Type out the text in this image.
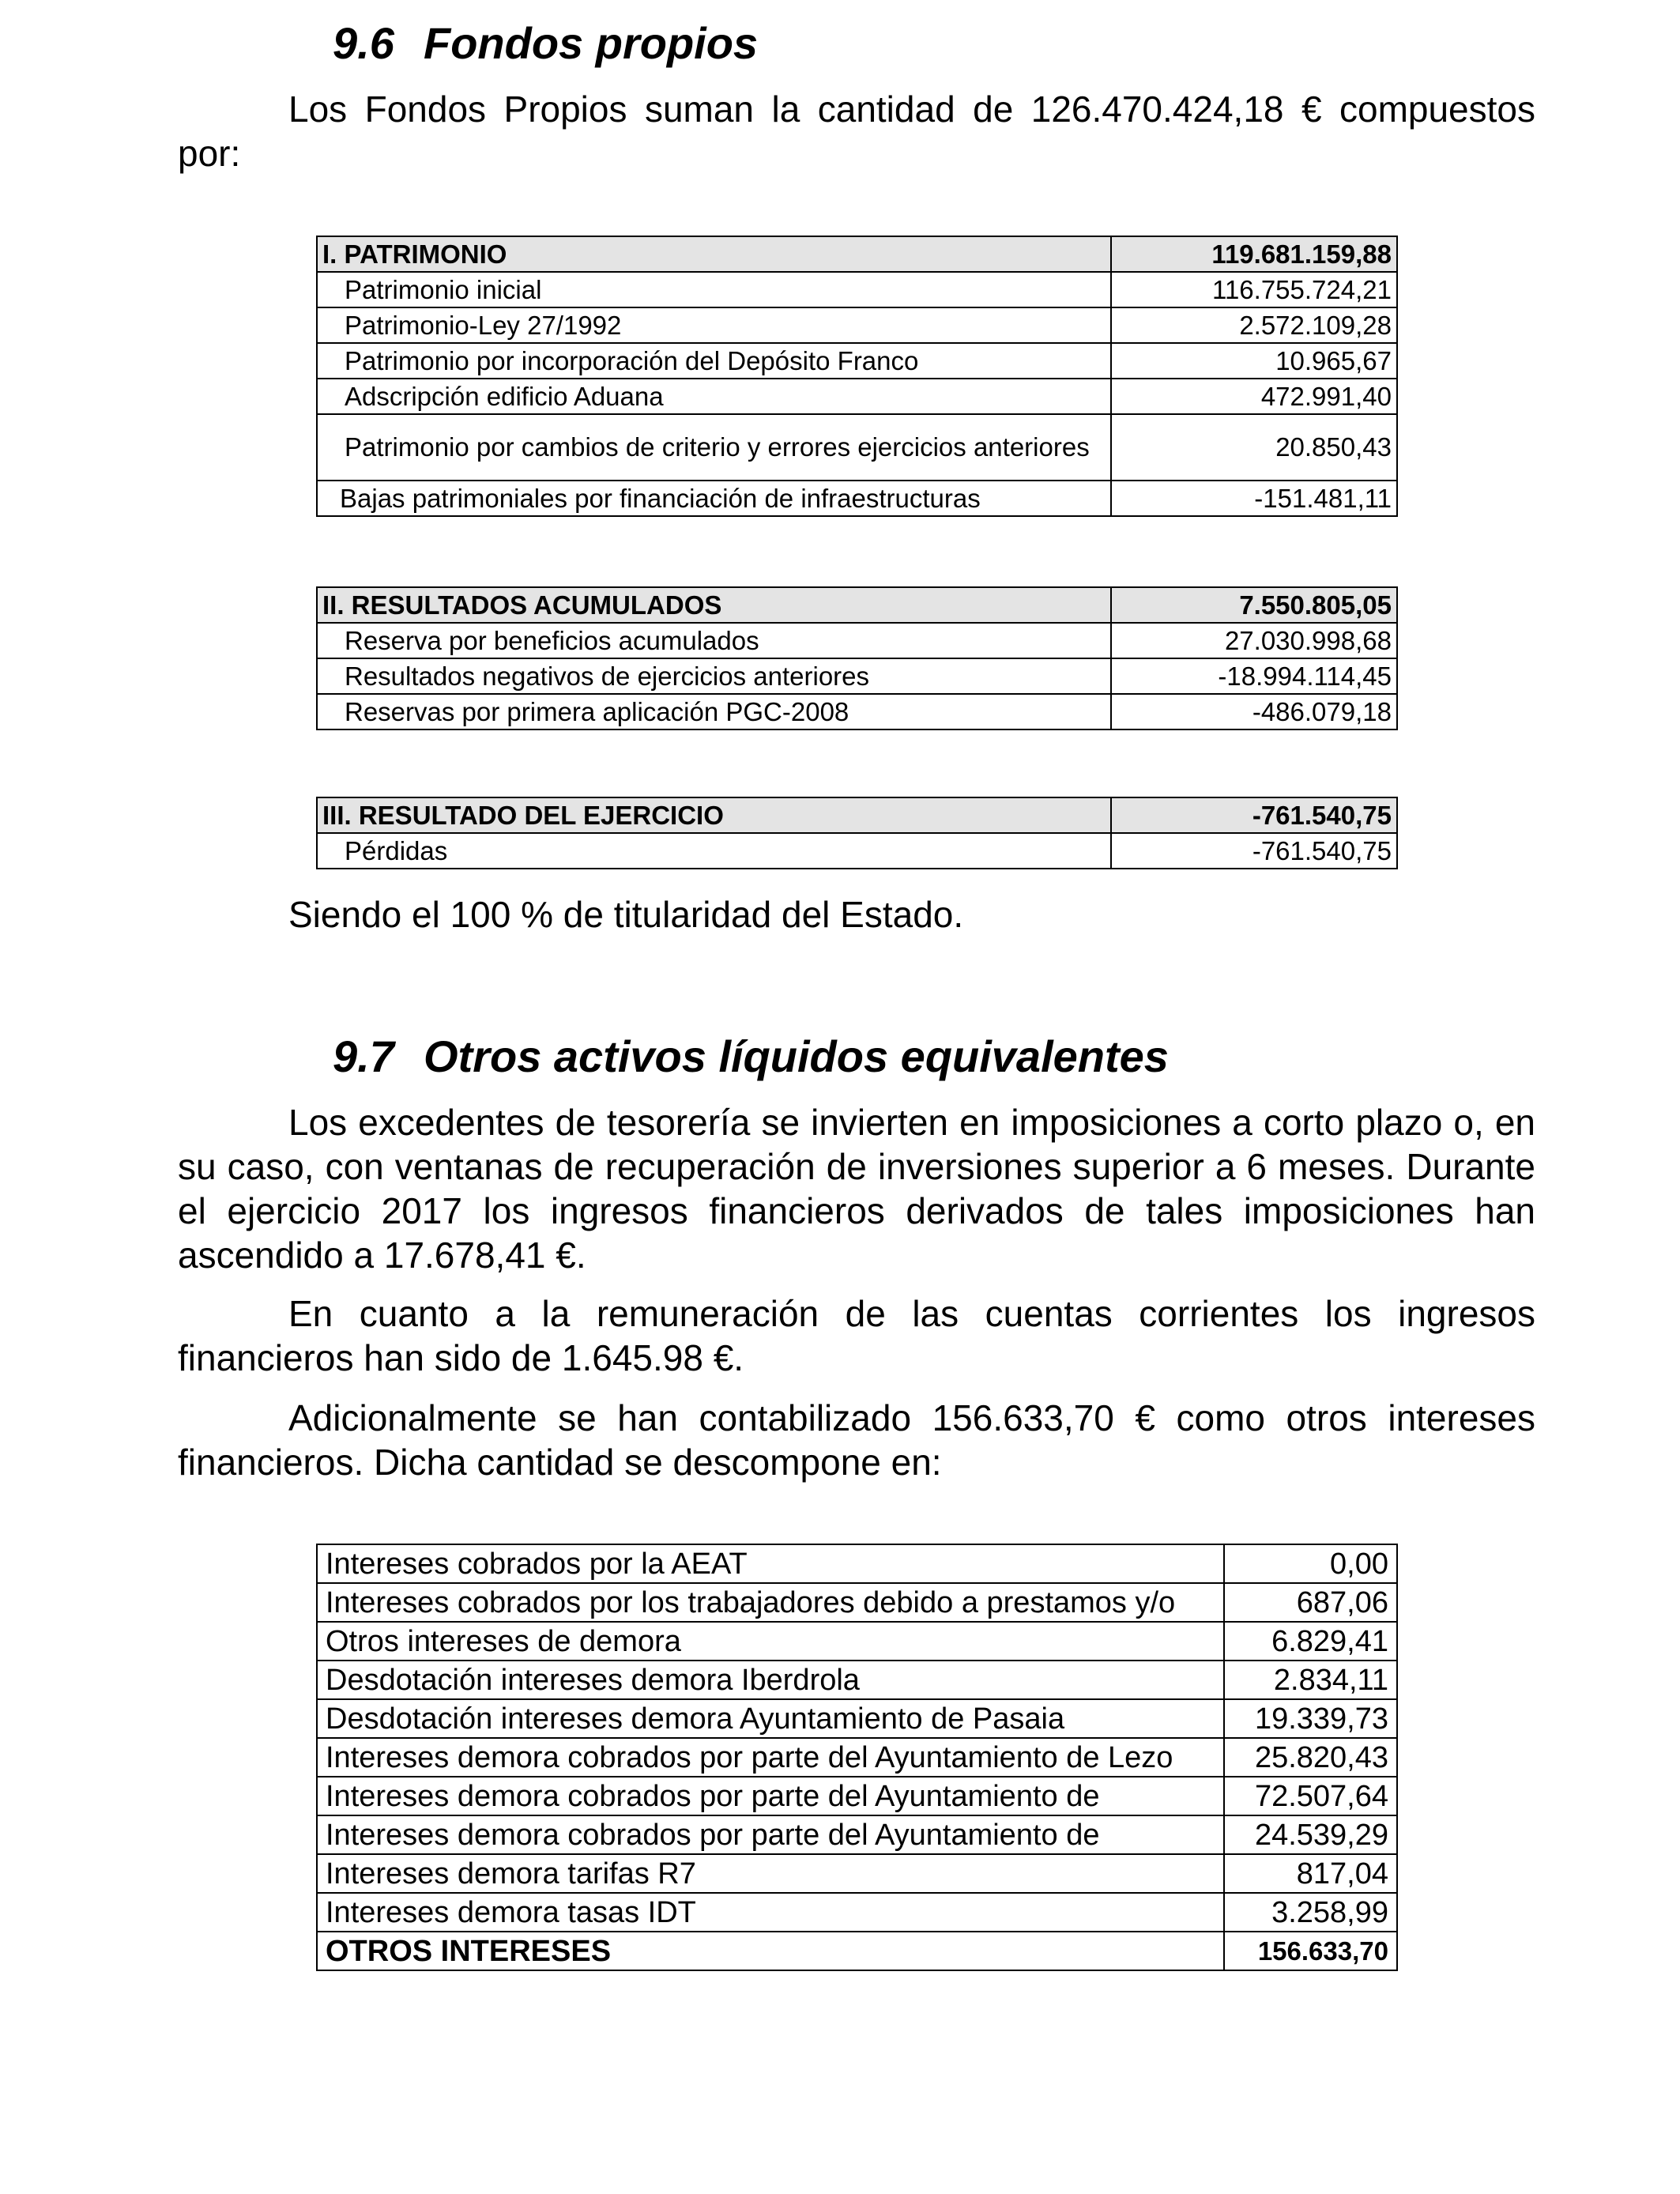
9.6 Fondos propios
Los Fondos Propios suman la cantidad de 126.470.424,18 € compuestos por:
I. PATRIMONIO	119.681.159,88
Patrimonio inicial	116.755.724,21
Patrimonio-Ley 27/1992	2.572.109,28
Patrimonio por incorporación del Depósito Franco	10.965,67
Adscripción edificio Aduana	472.991,40
Patrimonio por cambios de criterio y errores ejercicios anteriores	20.850,43
Bajas patrimoniales por financiación de infraestructuras	-151.481,11
II. RESULTADOS ACUMULADOS	7.550.805,05
Reserva por beneficios acumulados	27.030.998,68
Resultados negativos de ejercicios anteriores	-18.994.114,45
Reservas por primera aplicación PGC-2008	-486.079,18
III. RESULTADO DEL EJERCICIO	-761.540,75
Pérdidas	-761.540,75
Siendo el 100 % de titularidad del Estado.
9.7 Otros activos líquidos equivalentes
Los excedentes de tesorería se invierten en imposiciones a corto plazo o, en su caso, con ventanas de recuperación de inversiones superior a 6 meses. Durante el ejercicio 2017 los ingresos financieros derivados de tales imposiciones han ascendido a 17.678,41 €.
En cuanto a la remuneración de las cuentas corrientes los ingresos financieros han sido de 1.645.98 €.
Adicionalmente se han contabilizado 156.633,70 € como otros intereses financieros. Dicha cantidad se descompone en:
Intereses cobrados por la AEAT	0,00
Intereses cobrados por los trabajadores debido a prestamos y/o	687,06
Otros intereses de demora	6.829,41
Desdotación intereses demora Iberdrola	2.834,11
Desdotación intereses demora Ayuntamiento de Pasaia	19.339,73
Intereses demora cobrados por parte del Ayuntamiento de Lezo	25.820,43
Intereses demora cobrados por parte del Ayuntamiento de	72.507,64
Intereses demora cobrados por parte del Ayuntamiento de	24.539,29
Intereses demora tarifas R7	817,04
Intereses demora tasas IDT	3.258,99
OTROS INTERESES	156.633,70
